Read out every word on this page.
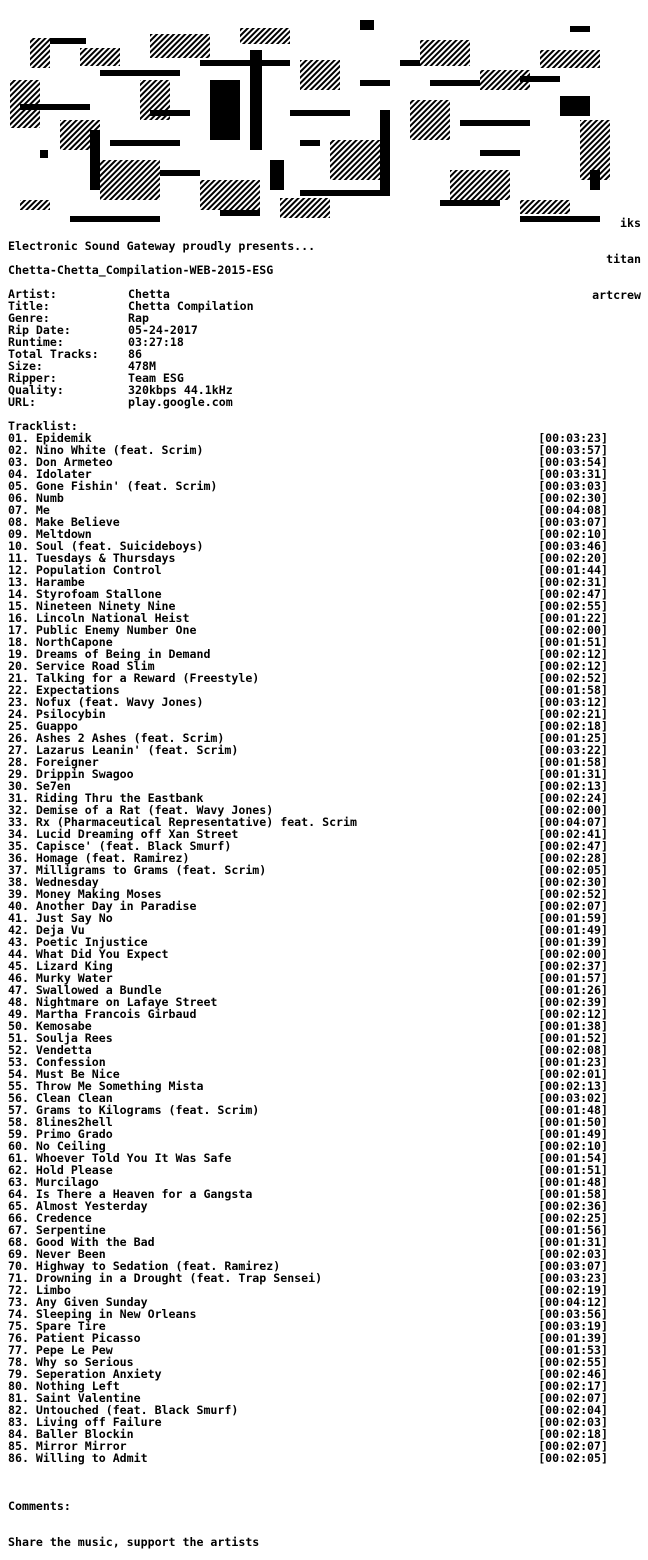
iks

titan

artcrew

Electronic Sound Gateway proudly presents...
Chetta-Chetta_Compilation-WEB-2015-ESG
Artist:	Chetta
Title:	Chetta Compilation
Genre:	Rap
Rip Date:	05-24-2017
Runtime:	03:27:18
Total Tracks:	86
Size:	478M
Ripper:	Team ESG
Quality:	320kbps 44.1kHz
URL:	play.google.com
Tracklist:
01. Epidemik	[00:03:23]
02. Nino White (feat. Scrim)	[00:03:57]
03. Don Armeteo	[00:03:54]
04. Idolater	[00:03:31]
05. Gone Fishin' (feat. Scrim)	[00:03:03]
06. Numb	[00:02:30]
07. Me	[00:04:08]
08. Make Believe	[00:03:07]
09. Meltdown	[00:02:10]
10. Soul (feat. Suicideboys)	[00:03:46]
11. Tuesdays & Thursdays	[00:02:20]
12. Population Control	[00:01:44]
13. Harambe	[00:02:31]
14. Styrofoam Stallone	[00:02:47]
15. Nineteen Ninety Nine	[00:02:55]
16. Lincoln National Heist	[00:01:22]
17. Public Enemy Number One	[00:02:00]
18. NorthCapone	[00:01:51]
19. Dreams of Being in Demand	[00:02:12]
20. Service Road Slim	[00:02:12]
21. Talking for a Reward (Freestyle)	[00:02:52]
22. Expectations	[00:01:58]
23. Nofux (feat. Wavy Jones)	[00:03:12]
24. Psilocybin	[00:02:21]
25. Guappo	[00:02:18]
26. Ashes 2 Ashes (feat. Scrim)	[00:01:25]
27. Lazarus Leanin' (feat. Scrim)	[00:03:22]
28. Foreigner	[00:01:58]
29. Drippin Swagoo	[00:01:31]
30. Se7en	[00:02:13]
31. Riding Thru the Eastbank	[00:02:24]
32. Demise of a Rat (feat. Wavy Jones)	[00:02:00]
33. Rx (Pharmaceutical Representative) feat. Scrim	[00:04:07]
34. Lucid Dreaming off Xan Street	[00:02:41]
35. Capisce' (feat. Black Smurf)	[00:02:47]
36. Homage (feat. Ramirez)	[00:02:28]
37. Milligrams to Grams (feat. Scrim)	[00:02:05]
38. Wednesday	[00:02:30]
39. Money Making Moses	[00:02:52]
40. Another Day in Paradise	[00:02:07]
41. Just Say No	[00:01:59]
42. Deja Vu	[00:01:49]
43. Poetic Injustice	[00:01:39]
44. What Did You Expect	[00:02:00]
45. Lizard King	[00:02:37]
46. Murky Water	[00:01:57]
47. Swallowed a Bundle	[00:01:26]
48. Nightmare on Lafaye Street	[00:02:39]
49. Martha Francois Girbaud	[00:02:12]
50. Kemosabe	[00:01:38]
51. Soulja Rees	[00:01:52]
52. Vendetta	[00:02:08]
53. Confession	[00:01:23]
54. Must Be Nice	[00:02:01]
55. Throw Me Something Mista	[00:02:13]
56. Clean Clean	[00:03:02]
57. Grams to Kilograms (feat. Scrim)	[00:01:48]
58. 8lines2hell	[00:01:50]
59. Primo Grado	[00:01:49]
60. No Ceiling	[00:02:10]
61. Whoever Told You It Was Safe	[00:01:54]
62. Hold Please	[00:01:51]
63. Murcilago	[00:01:48]
64. Is There a Heaven for a Gangsta	[00:01:58]
65. Almost Yesterday	[00:02:36]
66. Credence	[00:02:25]
67. Serpentine	[00:01:56]
68. Good With the Bad	[00:01:31]
69. Never Been	[00:02:03]
70. Highway to Sedation (feat. Ramirez)	[00:03:07]
71. Drowning in a Drought (feat. Trap Sensei)	[00:03:23]
72. Limbo	[00:02:19]
73. Any Given Sunday	[00:04:12]
74. Sleeping in New Orleans	[00:03:56]
75. Spare Tire	[00:03:19]
76. Patient Picasso	[00:01:39]
77. Pepe Le Pew	[00:01:53]
78. Why so Serious	[00:02:55]
79. Seperation Anxiety	[00:02:46]
80. Nothing Left	[00:02:17]
81. Saint Valentine	[00:02:07]
82. Untouched (feat. Black Smurf)	[00:02:04]
83. Living off Failure	[00:02:03]
84. Baller Blockin	[00:02:18]
85. Mirror Mirror	[00:02:07]
86. Willing to Admit	[00:02:05]

Comments:

Share the music, support the artists
